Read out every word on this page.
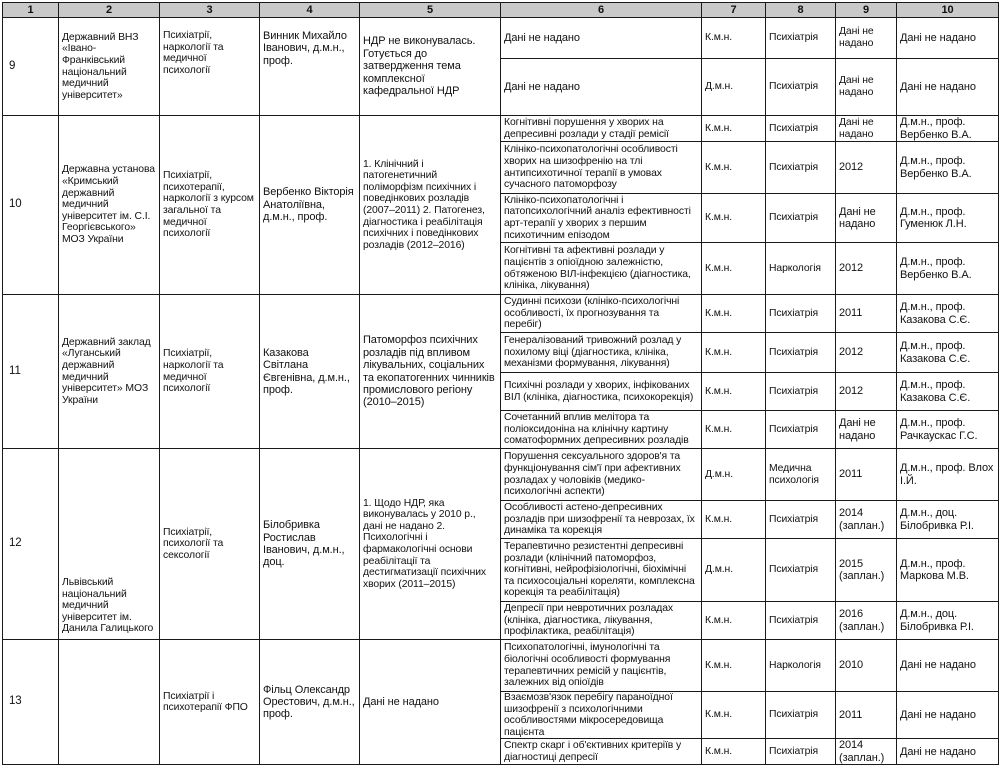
1	2	3	4	5	6	7	8	9	10
9	Державний ВНЗ «Івано-Франківський національний медичний університет»	Психіатрії, наркології та медичної психології	Винник Михайло Іванович, д.м.н., проф.	НДР не виконувалась. Готується до затвердження тема комплексної кафедральної НДР	Дані не надано	К.м.н.	Психіатрія	Дані не надано	Дані не надано
					Дані не надано	Д.м.н.	Психіатрія	Дані не надано	Дані не надано
10	Державна установа «Кримський державний медичний університет ім. С.І. Георгієвського» МОЗ України	Психіатрії, психотерапії, наркології з курсом загальної та медичної психології	Вербенко Вікторія Анатоліївна, д.м.н., проф.	1. Клінічний і патогенетичний поліморфізм психічних і поведінкових розладів (2007–2011) 2. Патогенез, діагностика і реабілітація психічних і поведінкових розладів (2012–2016)	Когнітивні порушення у хворих на депресивні розлади у стадії ремісії	К.м.н.	Психіатрія	Дані не надано	Д.м.н., проф. Вербенко В.А.
					Клініко-психопатологічні особливості хворих на шизофренію на тлі антипсихотичної терапії в умовах сучасного патоморфозу	К.м.н.	Психіатрія	2012	Д.м.н., проф. Вербенко В.А.
					Клініко-психопатологічні і патопсихологічний аналіз ефективності арт-терапії у хворих з першим психотичним епізодом	К.м.н.	Психіатрія	Дані не надано	Д.м.н., проф. Гуменюк Л.Н.
					Когнітивні та афективні розлади у пацієнтів з опіоїдною залежністю, обтяженою ВІЛ-інфекцією (діагностика, клініка, лікування)	К.м.н.	Наркологія	2012	Д.м.н., проф. Вербенко В.А.
11	Державний заклад «Луганський державний медичний університет» МОЗ України	Психіатрії, наркології та медичної психології	Казакова Світлана Євгенівна, д.м.н., проф.	Патоморфоз психічних розладів під впливом лікувальних, соціальних та екопатогенних чинників промислового регіону (2010–2015)	Судинні психози (клініко-психологічні особливості, їх прогнозування та перебіг)	К.м.н.	Психіатрія	2011	Д.м.н., проф. Казакова С.Є.
					Генералізований тривожний розлад у похилому віці (діагностика, клініка, механізми формування, лікування)	К.м.н.	Психіатрія	2012	Д.м.н., проф. Казакова С.Є.
					Психічні розлади у хворих, інфікованих ВІЛ (клініка, діагностика, психокорекція)	К.м.н.	Психіатрія	2012	Д.м.н., проф. Казакова С.Є.
					Сочетанний вплив меліторa та поліоксидоніна на клінічну картину соматоформних депресивних розладів	К.м.н.	Психіатрія	Дані не надано	Д.м.н., проф. Рачкаускас Г.С.
12	Львівський національний медичний університет ім. Данила Галицького	Психіатрії, психології та сексології	Білобривка Ростислав Іванович, д.м.н., доц.	1. Щодо НДР, яка виконувалась у 2010 р., дані не надано 2. Психологічні і фармакологічні основи реабілітації та дестигматизації психічних хворих (2011–2015)	Порушення сексуального здоров'я та функціонування сім'ї при афективних розладах у чоловіків (медико-психологічні аспекти)	Д.м.н.	Медична психологія	2011	Д.м.н., проф. Влох І.Й.
					Особливості астено-депресивних розладів при шизофренії та неврозах, їх динаміка та корекція	К.м.н.	Психіатрія	2014 (заплан.)	Д.м.н., доц. Білобривка Р.І.
					Терапевтично резистентні депресивні розлади (клінічний патоморфоз, когнітивні, нейрофізіологічні, біохімічні та психосоціальні кореляти, комплексна корекція та реабілітація)	Д.м.н.	Психіатрія	2015 (заплан.)	Д.м.н., проф. Маркова М.В.
					Депресії при невротичних розладах (клініка, діагностика, лікування, профілактика, реабілітація)	К.м.н.	Психіатрія	2016 (заплан.)	Д.м.н., доц. Білобривка Р.І.
13		Психіатрії і психотерапії ФПО	Фільц Олександр Орестович, д.м.н., проф.	Дані не надано	Психопатологічні, імунологічні та біологічні особливості формування терапевтичних ремісій у пацієнтів, залежних від опіоїдів	К.м.н.	Наркологія	2010	Дані не надано
					Взаємозв'язок перебігу параноїдної шизофренії з психологічними особливостями мікросередовища пацієнта	К.м.н.	Психіатрія	2011	Дані не надано
					Спектр скарг і об'єктивних критеріїв у діагностиці депресії	К.м.н.	Психіатрія	2014 (заплан.)	Дані не надано
